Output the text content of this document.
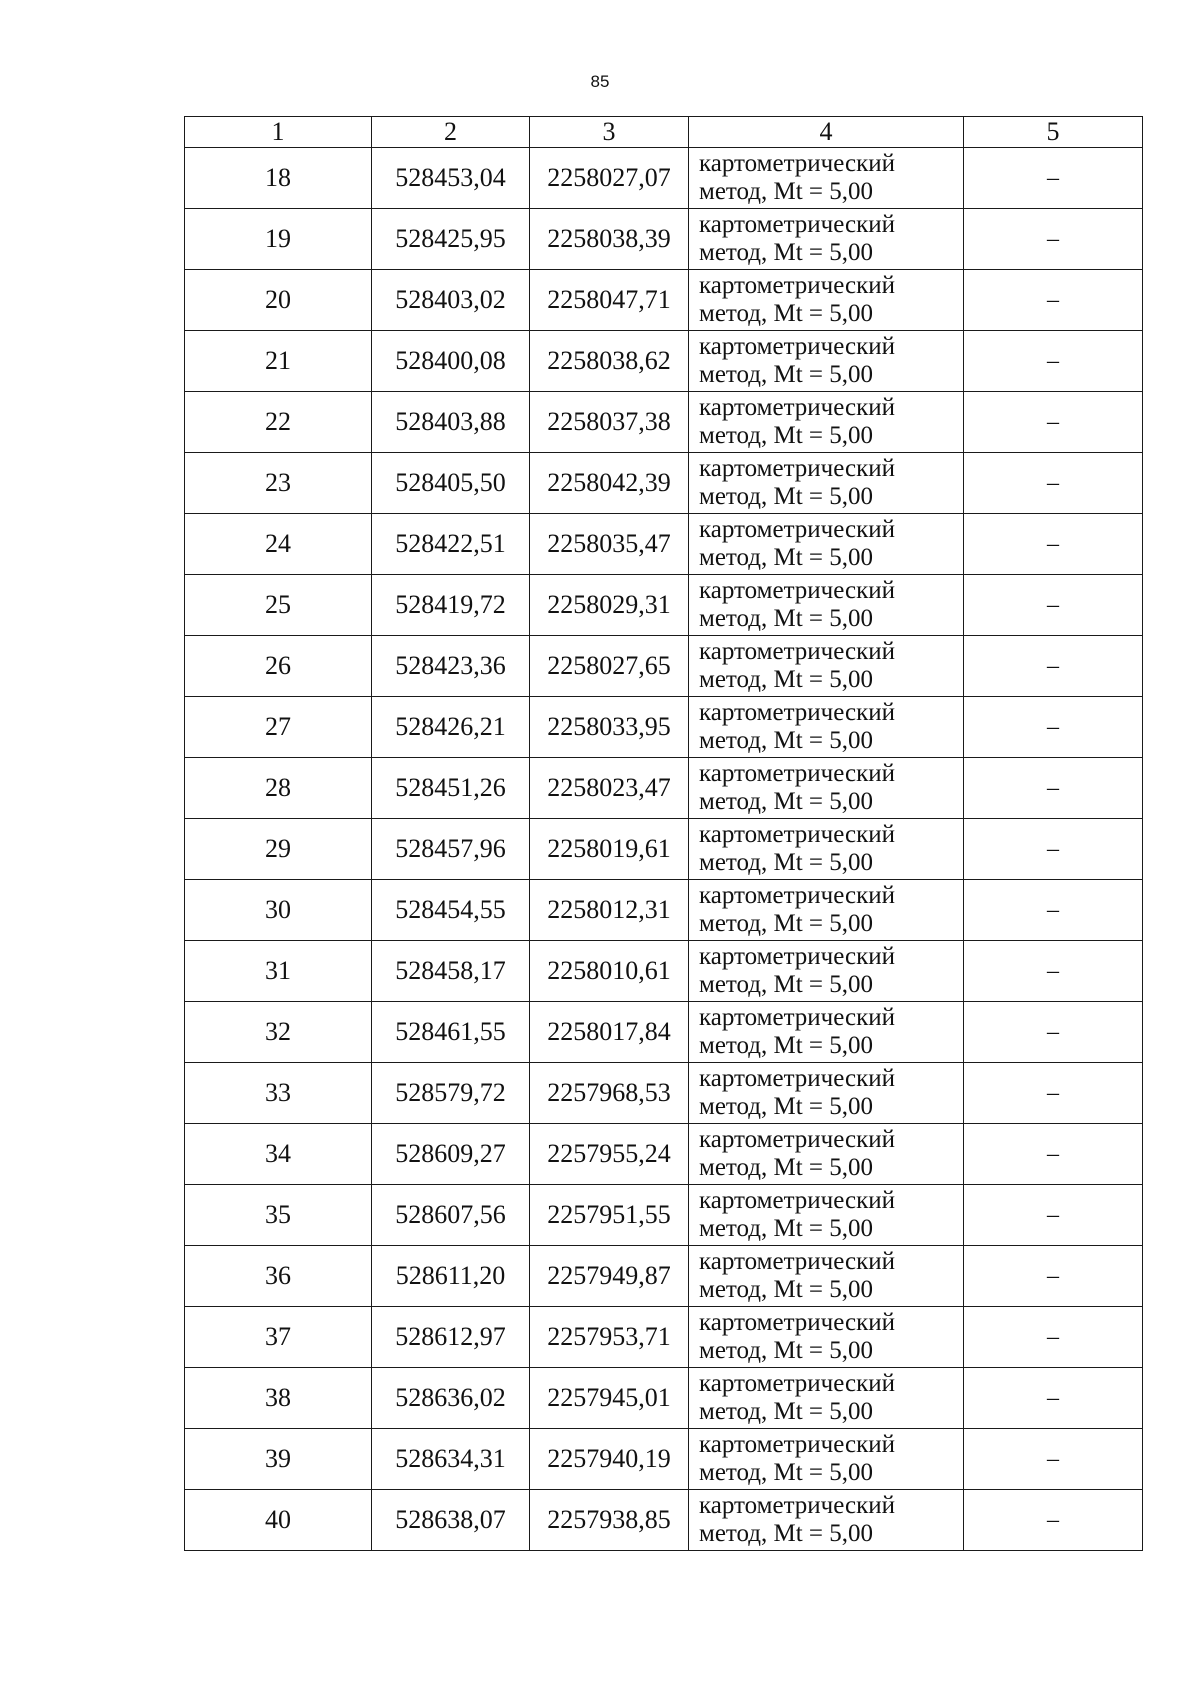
85
1	2	3	4	5
18	528453,04	2258027,07	картометрический
метод, Mt = 5,00	–
19	528425,95	2258038,39	картометрический
метод, Mt = 5,00	–
20	528403,02	2258047,71	картометрический
метод, Mt = 5,00	–
21	528400,08	2258038,62	картометрический
метод, Mt = 5,00	–
22	528403,88	2258037,38	картометрический
метод, Mt = 5,00	–
23	528405,50	2258042,39	картометрический
метод, Mt = 5,00	–
24	528422,51	2258035,47	картометрический
метод, Mt = 5,00	–
25	528419,72	2258029,31	картометрический
метод, Mt = 5,00	–
26	528423,36	2258027,65	картометрический
метод, Mt = 5,00	–
27	528426,21	2258033,95	картометрический
метод, Mt = 5,00	–
28	528451,26	2258023,47	картометрический
метод, Mt = 5,00	–
29	528457,96	2258019,61	картометрический
метод, Mt = 5,00	–
30	528454,55	2258012,31	картометрический
метод, Mt = 5,00	–
31	528458,17	2258010,61	картометрический
метод, Mt = 5,00	–
32	528461,55	2258017,84	картометрический
метод, Mt = 5,00	–
33	528579,72	2257968,53	картометрический
метод, Mt = 5,00	–
34	528609,27	2257955,24	картометрический
метод, Mt = 5,00	–
35	528607,56	2257951,55	картометрический
метод, Mt = 5,00	–
36	528611,20	2257949,87	картометрический
метод, Mt = 5,00	–
37	528612,97	2257953,71	картометрический
метод, Mt = 5,00	–
38	528636,02	2257945,01	картометрический
метод, Mt = 5,00	–
39	528634,31	2257940,19	картометрический
метод, Mt = 5,00	–
40	528638,07	2257938,85	картометрический
метод, Mt = 5,00	–
